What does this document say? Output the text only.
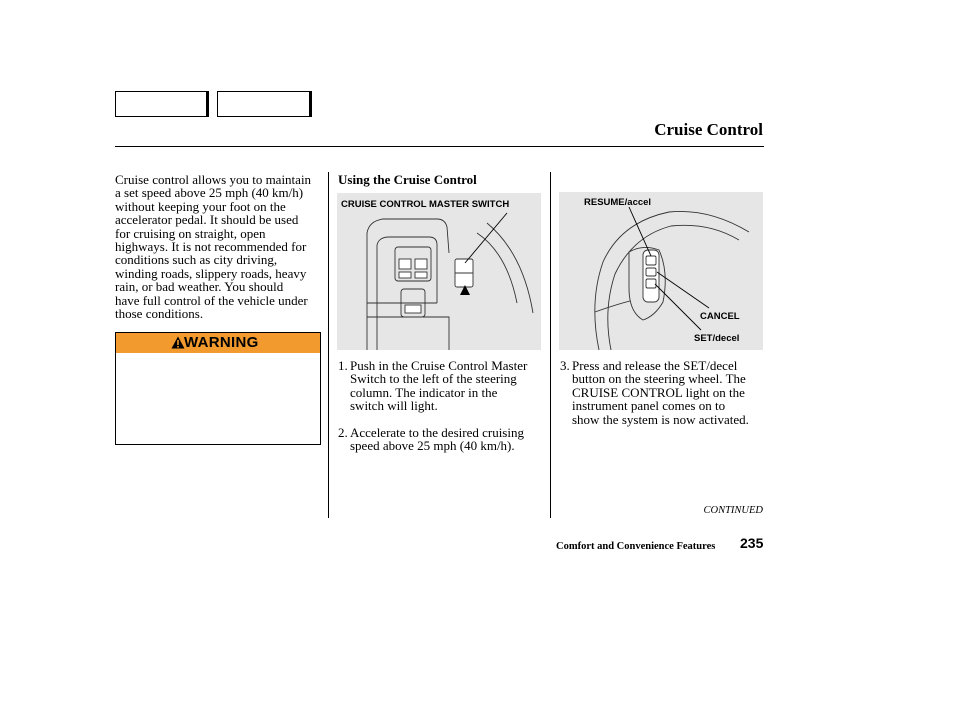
Cruise Control
Cruise control allows you to maintain
a set speed above 25 mph (40 km/h)
without keeping your foot on the
accelerator pedal. It should be used
for cruising on straight, open
highways. It is not recommended for
conditions such as city driving,
winding roads, slippery roads, heavy
rain, or bad weather. You should
have full control of the vehicle under
those conditions.
WARNING
Using the Cruise Control
CRUISE CONTROL MASTER SWITCH	RESUME/accel
CANCEL
SET/decel
1. Push in the Cruise Control Master
Switch to the left of the steering
column. The indicator in the
switch will light.
2. Accelerate to the desired cruising
speed above 25 mph (40 km/h).
3. Press and release the SET/decel
button on the steering wheel. The
CRUISE CONTROL light on the
instrument panel comes on to
show the system is now activated.
CONTINUED
Comfort and Convenience Features 235
